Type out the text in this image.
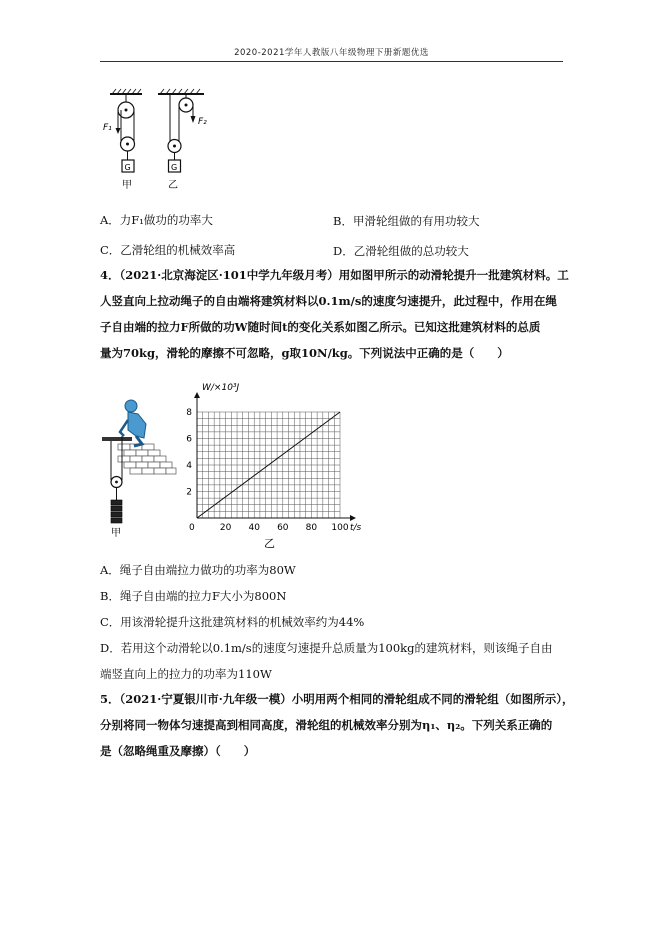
2020-2021学年人教版八年级物理下册新题优选
F₁
G
甲
F₂
G
乙
A．力F₁做功的功率大	B．甲滑轮组做的有用功较大
C．乙滑轮组的机械效率高	D．乙滑轮组做的总功较大
4．（2021·北京海淀区·101中学九年级月考）用如图甲所示的动滑轮提升一批建筑材料。工
人竖直向上拉动绳子的自由端将建筑材料以0.1m/s的速度匀速提升，此过程中，作用在绳
子自由端的拉力F所做的功W随时间t的变化关系如图乙所示。已知这批建筑材料的总质
量为70kg，滑轮的摩擦不可忽略，g取10N/kg。下列说法中正确的是（　　）
甲	0	20 40 60 80 100
2
4
6
8
W/×10³J
t/s
乙
A．绳子自由端拉力做功的功率为80W
B．绳子自由端的拉力F大小为800N
C．用该滑轮提升这批建筑材料的机械效率约为44%
D．若用这个动滑轮以0.1m/s的速度匀速提升总质量为100kg的建筑材料，则该绳子自由
端竖直向上的拉力的功率为110W
5．（2021·宁夏银川市·九年级一模）小明用两个相同的滑轮组成不同的滑轮组（如图所示），
分别将同一物体匀速提高到相同高度，滑轮组的机械效率分别为η₁、η₂。下列关系正确的
是（忽略绳重及摩擦）（　　）
